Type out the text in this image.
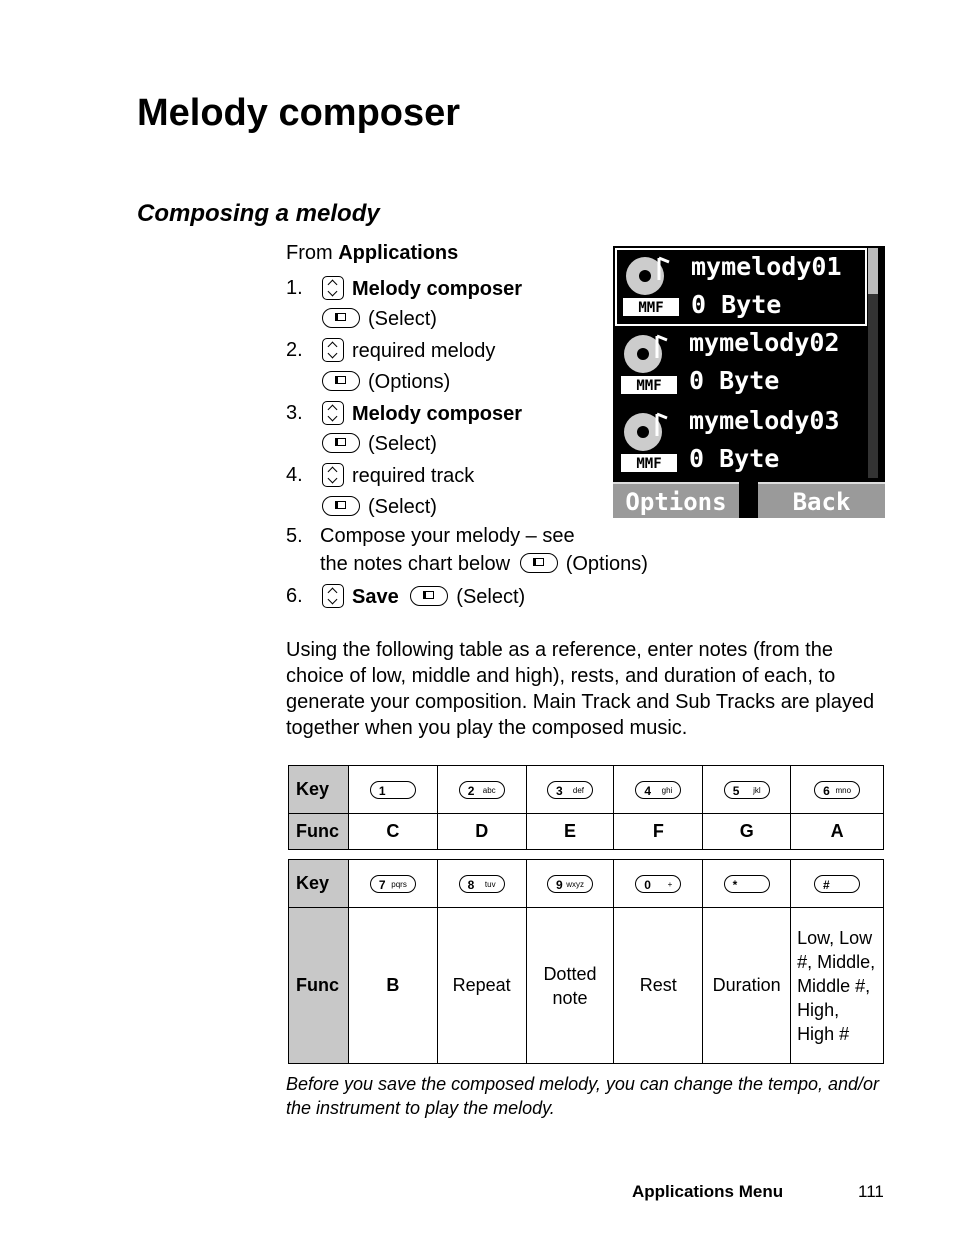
Melody composer
Composing a melody
From Applications
1.	Melody composer
(Select)
2.	required melody
(Options)
3.	Melody composer
(Select)
4.	required track
(Select)
5. Compose your melody – see
the notes chart below	(Options)
6.	Save	(Select)
MMF
mymelody01
0 Byte
MMF
mymelody02
0 Byte
MMF
mymelody03
0 Byte
Options	Back

Using the following table as a reference, enter notes (from the choice of low, middle and high), rests, and duration of each, to generate your composition. Main Track and Sub Tracks are played together when you play the composed music.

Key	1	2 abc	3 def	4 ghi	5 jkl	6 mno

Func	C	D	E	F	G	A
Key	7 pqrs	8 tuv	9 wxyz	0 +	*	#

Func	B	Repeat	Dotted note	Rest	Duration	Low, Low #, Middle, Middle #, High, High #

Before you save the composed melody, you can change the tempo, and/or the instrument to play the melody.

Applications Menu	111
